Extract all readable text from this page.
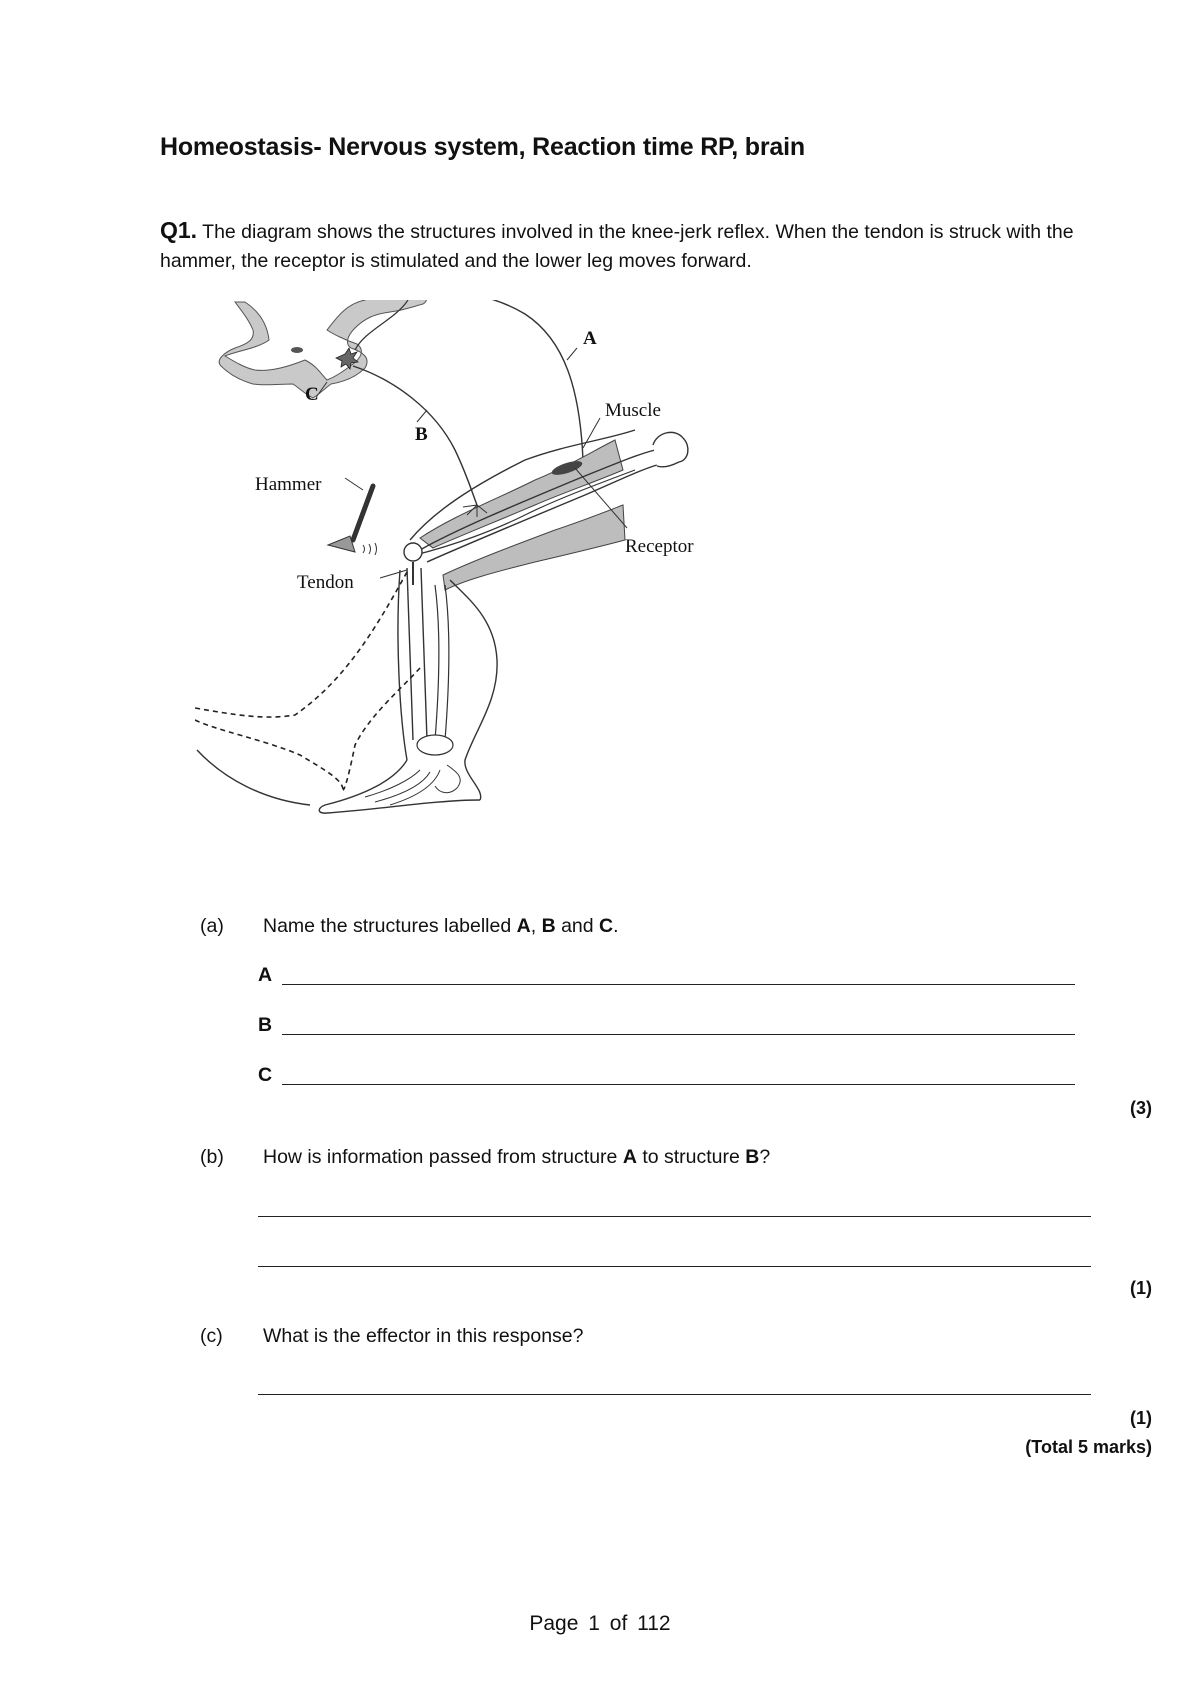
Homeostasis- Nervous system, Reaction time RP, brain
Q1. The diagram shows the structures involved in the knee-jerk reflex. When the tendon is struck with the hammer, the receptor is stimulated and the lower leg moves forward.
A
C
B
Muscle
Hammer
Receptor
Tendon
(a) Name the structures labelled A, B and C.
A
B
C
(3)
(b) How is information passed from structure A to structure B?
(1)
(c) What is the effector in this response?
(1)
(Total 5 marks)
Page 1 of 112
